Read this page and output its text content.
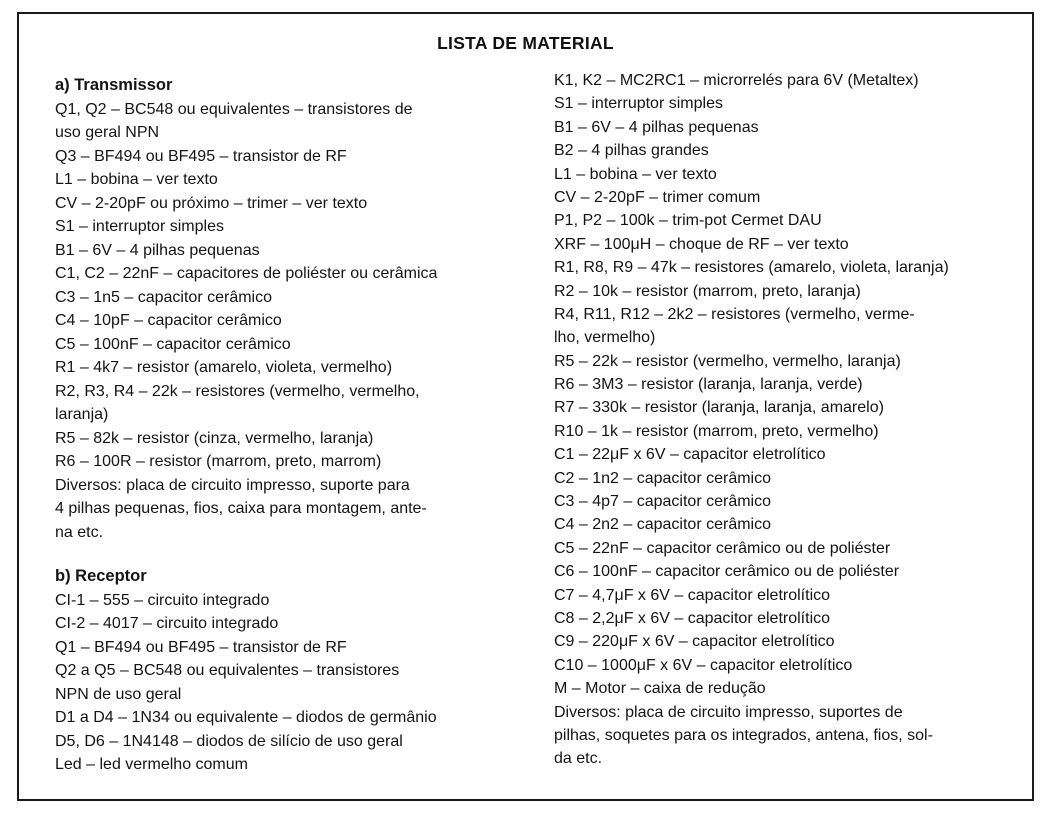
LISTA DE MATERIAL
a) Transmissor
Q1, Q2 – BC548 ou equivalentes – transistores de
uso geral NPN
Q3 – BF494 ou BF495 – transistor de RF
L1 – bobina – ver texto
CV – 2-20pF ou próximo – trimer – ver texto
S1 – interruptor simples
B1 – 6V – 4 pilhas pequenas
C1, C2 – 22nF – capacitores de poliéster ou cerâmica
C3 – 1n5 – capacitor cerâmico
C4 – 10pF – capacitor cerâmico
C5 – 100nF – capacitor cerâmico
R1 – 4k7 – resistor (amarelo, violeta, vermelho)
R2, R3, R4 – 22k – resistores (vermelho, vermelho,
laranja)
R5 – 82k – resistor (cinza, vermelho, laranja)
R6 – 100R – resistor (marrom, preto, marrom)
Diversos: placa de circuito impresso, suporte para
4 pilhas pequenas, fios, caixa para montagem, ante-
na etc.
b) Receptor
CI-1 – 555 – circuito integrado
CI-2 – 4017 – circuito integrado
Q1 – BF494 ou BF495 – transistor de RF
Q2 a Q5 – BC548 ou equivalentes – transistores
NPN de uso geral
D1 a D4 – 1N34 ou equivalente – diodos de germânio
D5, D6 – 1N4148 – diodos de silício de uso geral
Led – led vermelho comum
K1, K2 – MC2RC1 – microrrelés para 6V (Metaltex)
S1 – interruptor simples
B1 – 6V – 4 pilhas pequenas
B2 – 4 pilhas grandes
L1 – bobina – ver texto
CV – 2-20pF – trimer comum
P1, P2 – 100k – trim-pot Cermet DAU
XRF – 100μH – choque de RF – ver texto
R1, R8, R9 – 47k – resistores (amarelo, violeta, laranja)
R2 – 10k – resistor (marrom, preto, laranja)
R4, R11, R12 – 2k2 – resistores (vermelho, verme-
lho, vermelho)
R5 – 22k – resistor (vermelho, vermelho, laranja)
R6 – 3M3 – resistor (laranja, laranja, verde)
R7 – 330k – resistor (laranja, laranja, amarelo)
R10 – 1k – resistor (marrom, preto, vermelho)
C1 – 22μF x 6V – capacitor eletrolítico
C2 – 1n2 – capacitor cerâmico
C3 – 4p7 – capacitor cerâmico
C4 – 2n2 – capacitor cerâmico
C5 – 22nF – capacitor cerâmico ou de poliéster
C6 – 100nF – capacitor cerâmico ou de poliéster
C7 – 4,7μF x 6V – capacitor eletrolítico
C8 – 2,2μF x 6V – capacitor eletrolítico
C9 – 220μF x 6V – capacitor eletrolítico
C10 – 1000μF x 6V – capacitor eletrolítico
M – Motor – caixa de redução
Diversos: placa de circuito impresso, suportes de
pilhas, soquetes para os integrados, antena, fios, sol-
da etc.
